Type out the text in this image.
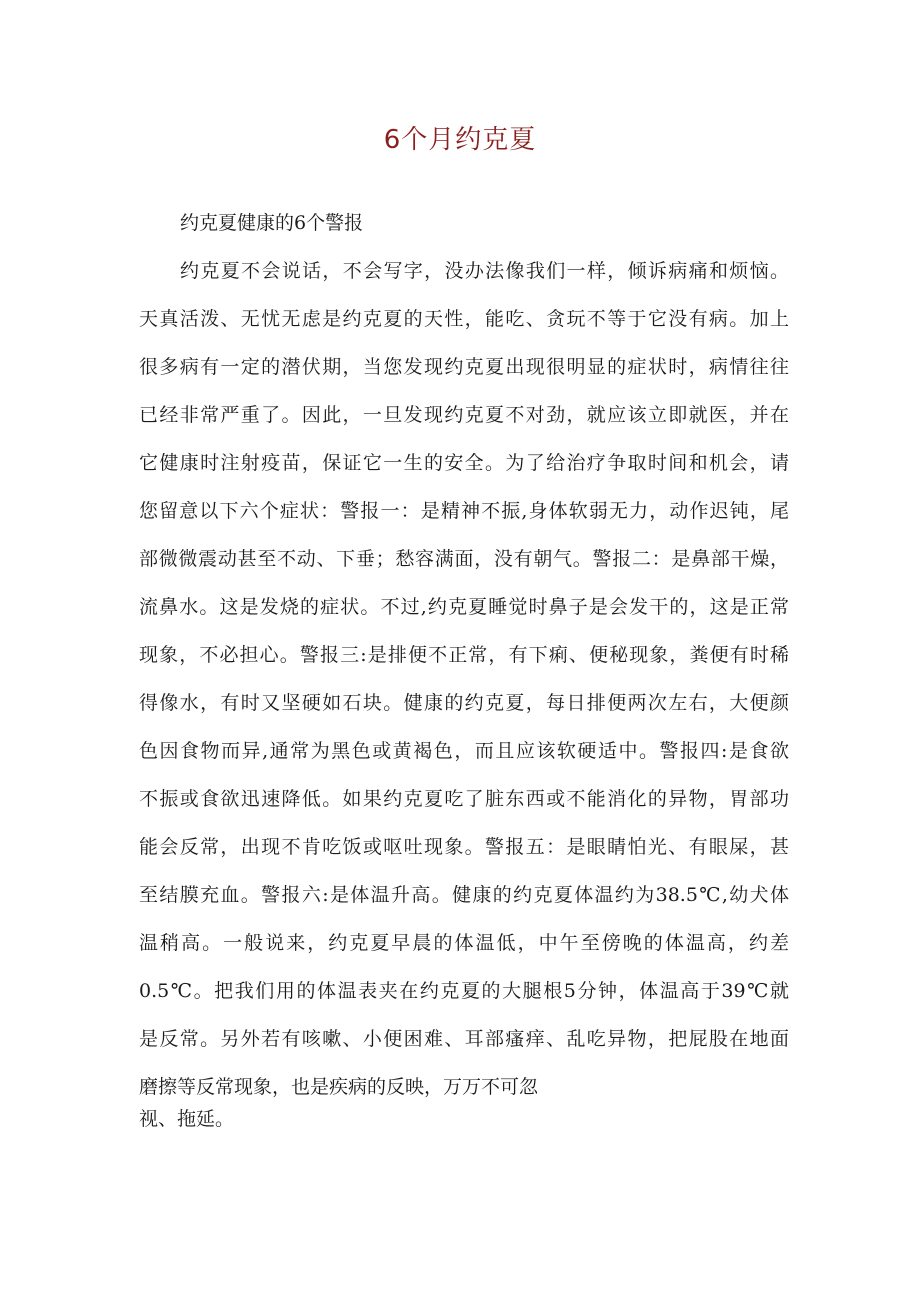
6个月约克夏
约克夏健康的6个警报
约克夏不会说话，不会写字，没办法像我们一样，倾诉病痛和烦恼。
天真活泼、无忧无虑是约克夏的天性，能吃、贪玩不等于它没有病。加上
很多病有一定的潜伏期，当您发现约克夏出现很明显的症状时，病情往往
已经非常严重了。因此，一旦发现约克夏不对劲，就应该立即就医，并在
它健康时注射疫苗，保证它一生的安全。为了给治疗争取时间和机会，请
您留意以下六个症状：警报一：是精神不振,身体软弱无力，动作迟钝，尾
部微微震动甚至不动、下垂；愁容满面，没有朝气。警报二：是鼻部干燥，
流鼻水。这是发烧的症状。不过,约克夏睡觉时鼻子是会发干的，这是正常
现象，不必担心。警报三:是排便不正常，有下痢、便秘现象，粪便有时稀
得像水，有时又坚硬如石块。健康的约克夏，每日排便两次左右，大便颜
色因食物而异,通常为黑色或黄褐色，而且应该软硬适中。警报四:是食欲
不振或食欲迅速降低。如果约克夏吃了脏东西或不能消化的异物，胃部功
能会反常，出现不肯吃饭或呕吐现象。警报五：是眼睛怕光、有眼屎，甚
至结膜充血。警报六:是体温升高。健康的约克夏体温约为38.5℃,幼犬体
温稍高。一般说来，约克夏早晨的体温低，中午至傍晚的体温高，约差
0.5℃。把我们用的体温表夹在约克夏的大腿根5分钟，体温高于39℃就
是反常。另外若有咳嗽、小便困难、耳部瘙痒、乱吃异物，把屁股在地面
磨擦等反常现象，也是疾病的反映，万万不可忽
视、拖延。
